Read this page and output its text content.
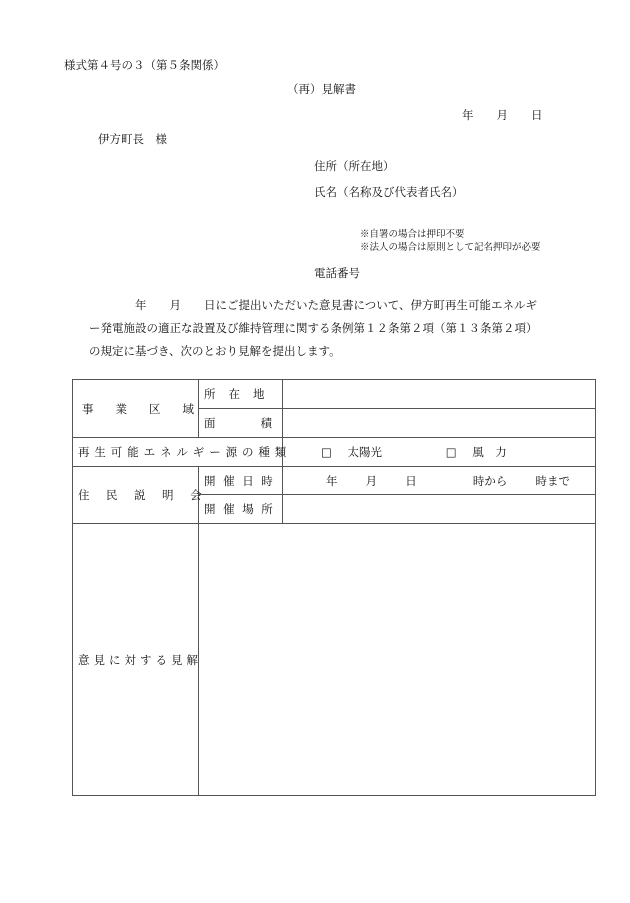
様式第４号の３（第５条関係）
（再）見解書
年　　月　　日
伊方町長　様
住所（所在地）
氏名（名称及び代表者氏名）
※自署の場合は押印不要
※法人の場合は原則として記名押印が必要
電話番号
年　　月　　日にご提出いただいた意見書について、伊方町再生可能エネルギ
ー発電施設の適正な設置及び維持管理に関する条例第１２条第２項（第１３条第２項）
の規定に基づき、次のとおり見解を提出します。
事業区域	所在地	
	面積	
再生可能エネルギー源の種類		□ 太陽光 □ 風　力
住民説明会	開催日時	年 月 日 時から 時まで

	開催場所	
意見に対する見解		
